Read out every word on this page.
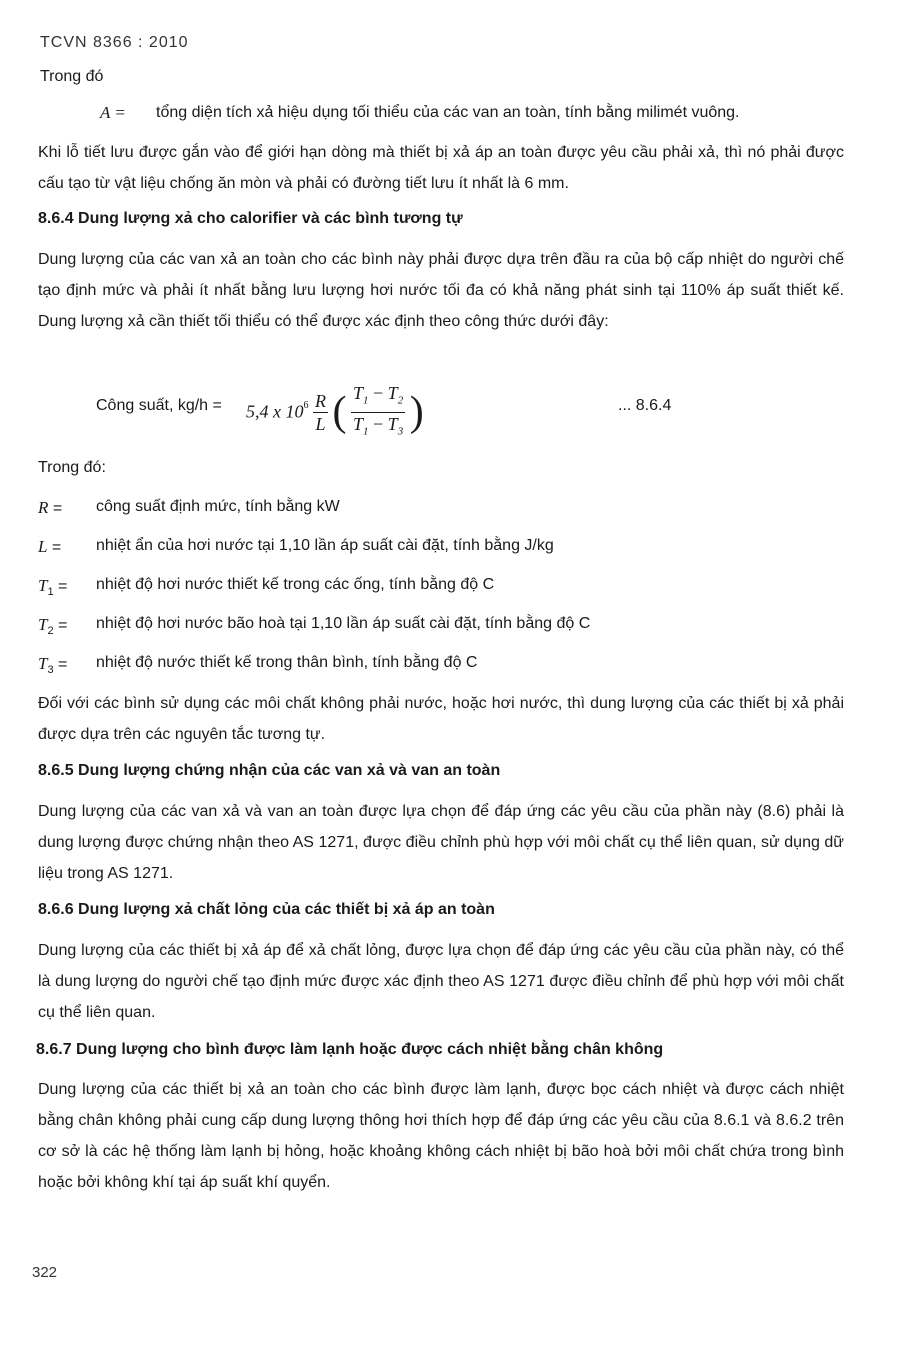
TCVN 8366 : 2010
Trong đó
A = tổng diện tích xả hiệu dụng tối thiểu của các van an toàn, tính bằng milimét vuông.
Khi lỗ tiết lưu được gắn vào để giới hạn dòng mà thiết bị xả áp an toàn được yêu cầu phải xả, thì nó phải được cấu tạo từ vật liệu chống ăn mòn và phải có đường tiết lưu ít nhất là 6 mm.
8.6.4 Dung lượng xả cho calorifier và các bình tương tự
Dung lượng của các van xả an toàn cho các bình này phải được dựa trên đầu ra của bộ cấp nhiệt do người chế tạo định mức và phải ít nhất bằng lưu lượng hơi nước tối đa có khả năng phát sinh tại 110% áp suất thiết kế. Dung lượng xả cần thiết tối thiểu có thể được xác định theo công thức dưới đây:
Công suất, kg/h = 5,4 x $10^6 \frac{R}{L}$ ( $\frac{T_1 - T_2}{T_1 - T_3}$ )	... 8.6.4
Trong đó:
R =	công suất định mức, tính bằng kW
L =	nhiệt ẩn của hơi nước tại 1,10 lần áp suất cài đặt, tính bằng J/kg
$T_1$ =	nhiệt độ hơi nước thiết kế trong các ống, tính bằng độ C
$T_2$ =	nhiệt độ hơi nước bão hoà tại 1,10 lần áp suất cài đặt, tính bằng độ C
$T_3$ =	nhiệt độ nước thiết kế trong thân bình, tính bằng độ C
Đối với các bình sử dụng các môi chất không phải nước, hoặc hơi nước, thì dung lượng của các thiết bị xả phải được dựa trên các nguyên tắc tương tự.
8.6.5 Dung lượng chứng nhận của các van xả và van an toàn
Dung lượng của các van xả và van an toàn được lựa chọn để đáp ứng các yêu cầu của phần này (8.6) phải là dung lượng được chứng nhận theo AS 1271, được điều chỉnh phù hợp với môi chất cụ thể liên quan, sử dụng dữ liệu trong AS 1271.
8.6.6 Dung lượng xả chất lỏng của các thiết bị xả áp an toàn
Dung lượng của các thiết bị xả áp để xả chất lỏng, được lựa chọn để đáp ứng các yêu cầu của phần này, có thể là dung lượng do người chế tạo định mức được xác định theo AS 1271 được điều chỉnh để phù hợp với môi chất cụ thể liên quan.
8.6.7 Dung lượng cho bình được làm lạnh hoặc được cách nhiệt bằng chân không
Dung lượng của các thiết bị xả an toàn cho các bình được làm lạnh, được bọc cách nhiệt và được cách nhiệt bằng chân không phải cung cấp dung lượng thông hơi thích hợp để đáp ứng các yêu cầu của 8.6.1 và 8.6.2 trên cơ sở là các hệ thống làm lạnh bị hỏng, hoặc khoảng không cách nhiệt bị bão hoà bởi môi chất chứa trong bình hoặc bởi không khí tại áp suất khí quyển.
322
